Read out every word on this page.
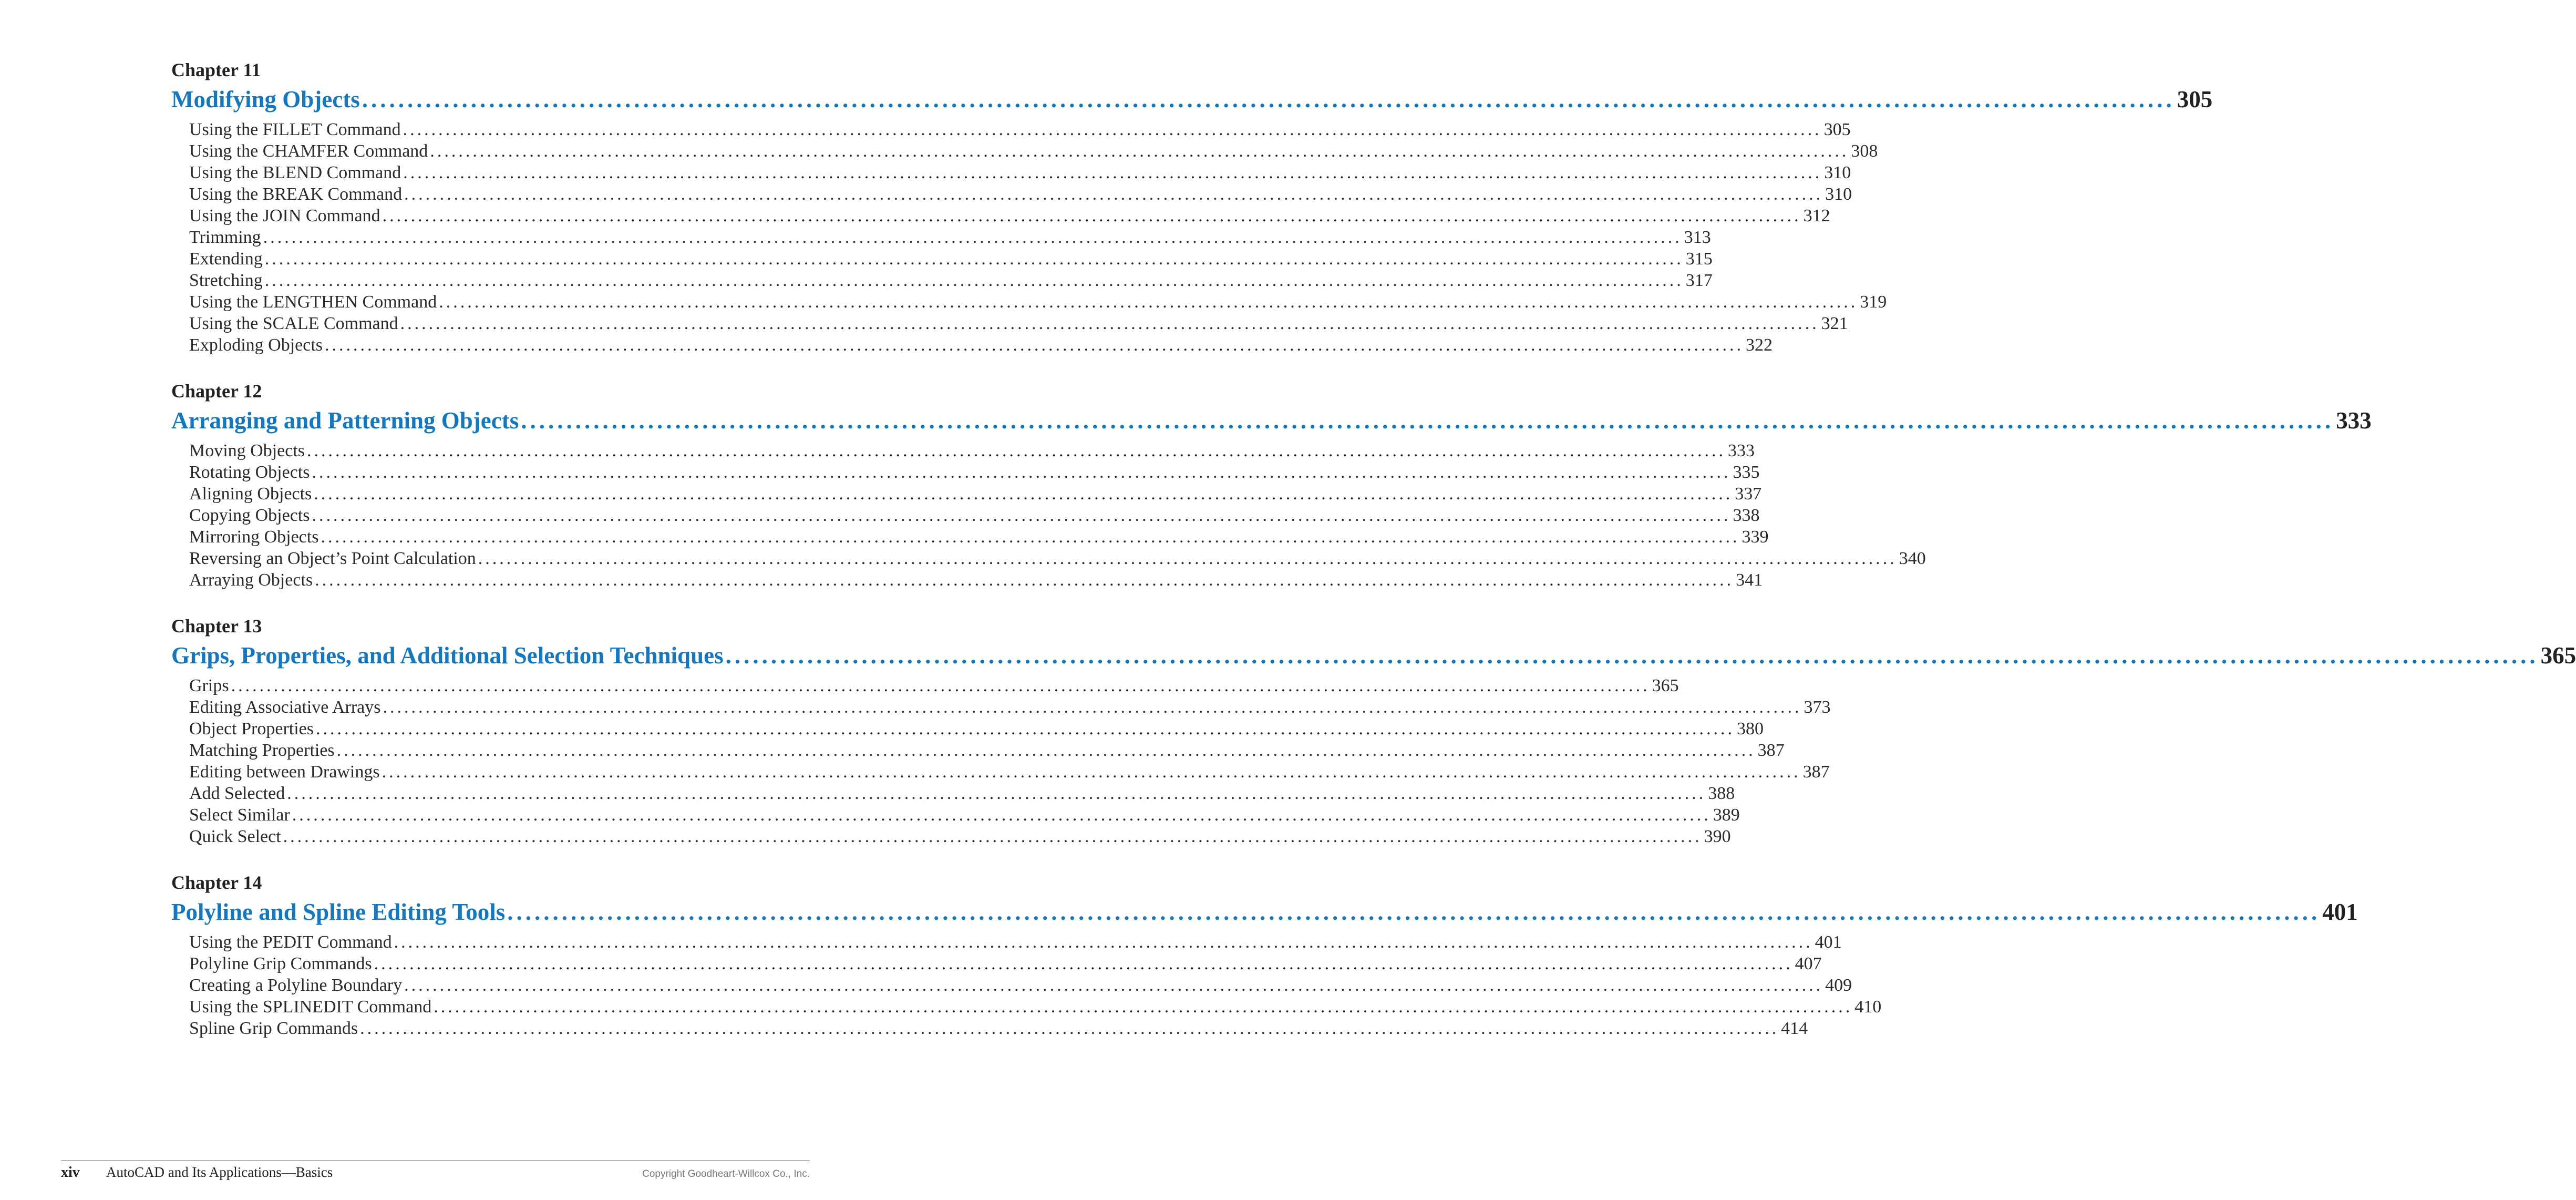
Chapter 11
Modifying Objects ........................................................................................................................................................................................................ 305
Using the FILLET Command ........................................................................................................................................................................................................ 305
Using the CHAMFER Command ........................................................................................................................................................................................................ 308
Using the BLEND Command ........................................................................................................................................................................................................ 310
Using the BREAK Command ........................................................................................................................................................................................................ 310
Using the JOIN Command ........................................................................................................................................................................................................ 312
Trimming ........................................................................................................................................................................................................ 313
Extending ........................................................................................................................................................................................................ 315
Stretching ........................................................................................................................................................................................................ 317
Using the LENGTHEN Command ........................................................................................................................................................................................................ 319
Using the SCALE Command ........................................................................................................................................................................................................ 321
Exploding Objects ........................................................................................................................................................................................................ 322
Chapter 12
Arranging and Patterning Objects ........................................................................................................................................................................................................ 333
Moving Objects ........................................................................................................................................................................................................ 333
Rotating Objects ........................................................................................................................................................................................................ 335
Aligning Objects ........................................................................................................................................................................................................ 337
Copying Objects ........................................................................................................................................................................................................ 338
Mirroring Objects ........................................................................................................................................................................................................ 339
Reversing an Object’s Point Calculation ........................................................................................................................................................................................................ 340
Arraying Objects ........................................................................................................................................................................................................ 341
Chapter 13
Grips, Properties, and Additional Selection Techniques ........................................................................................................................................................................................................ 365
Grips ........................................................................................................................................................................................................ 365
Editing Associative Arrays ........................................................................................................................................................................................................ 373
Object Properties ........................................................................................................................................................................................................ 380
Matching Properties ........................................................................................................................................................................................................ 387
Editing between Drawings ........................................................................................................................................................................................................ 387
Add Selected ........................................................................................................................................................................................................ 388
Select Similar ........................................................................................................................................................................................................ 389
Quick Select ........................................................................................................................................................................................................ 390
Chapter 14
Polyline and Spline Editing Tools ........................................................................................................................................................................................................ 401
Using the PEDIT Command ........................................................................................................................................................................................................ 401
Polyline Grip Commands ........................................................................................................................................................................................................ 407
Creating a Polyline Boundary ........................................................................................................................................................................................................ 409
Using the SPLINEDIT Command ........................................................................................................................................................................................................ 410
Spline Grip Commands ........................................................................................................................................................................................................ 414
xiv	AutoCAD and Its Applications—Basics	Copyright Goodheart-Willcox Co., Inc.
